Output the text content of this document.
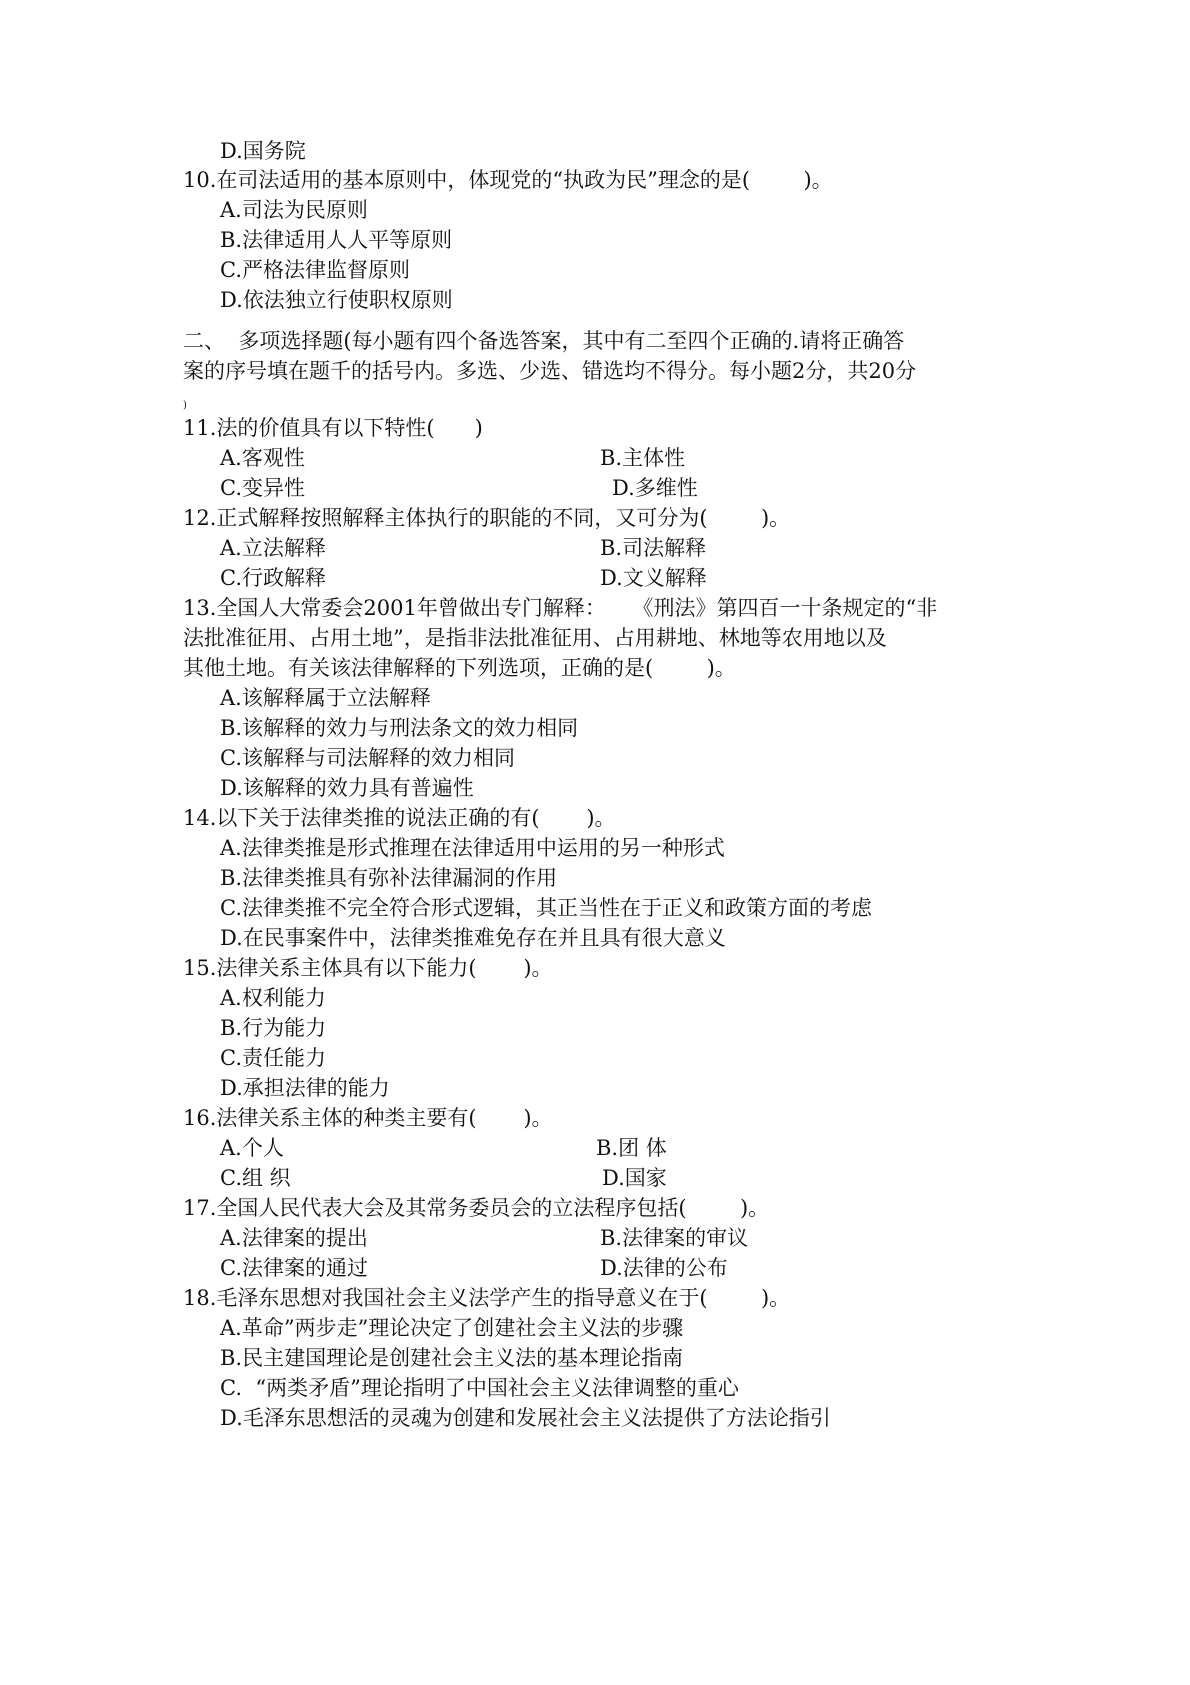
D.国务院
10.在司法适用的基本原则中，体现党的“执政为民”理念的是(        )。
A.司法为民原则
B.法律适用人人平等原则
C.严格法律监督原则
D.依法独立行使职权原则
二、  多项选择题(每小题有四个备选答案，其中有二至四个正确的.请将正确答
案的序号填在题千的括号内。多选、少选、错选均不得分。每小题2分，共20分
)
11.法的价值具有以下特性(      )
A.客观性	B.主体性
C.变异性	D.多维性
12.正式解释按照解释主体执行的职能的不同，又可分为(        )。
A.立法解释	B.司法解释
C.行政解释	D.文义解释
13.全国人大常委会2001年曾做出专门解释：    《刑法》第四百一十条规定的“非
法批准征用、占用土地”，是指非法批准征用、占用耕地、林地等农用地以及
其他土地。有关该法律解释的下列选项，正确的是(        )。
A.该解释属于立法解释
B.该解释的效力与刑法条文的效力相同
C.该解释与司法解释的效力相同
D.该解释的效力具有普遍性
14.以下关于法律类推的说法正确的有(       )。
A.法律类推是形式推理在法律适用中运用的另一种形式
B.法律类推具有弥补法律漏洞的作用
C.法律类推不完全符合形式逻辑，其正当性在于正义和政策方面的考虑
D.在民事案件中，法律类推难免存在并且具有很大意义
15.法律关系主体具有以下能力(       )。
A.权利能力
B.行为能力
C.责任能力
D.承担法律的能力
16.法律关系主体的种类主要有(       )。
A.个人	B.团 体
C.组 织	D.国家
17.全国人民代表大会及其常务委员会的立法程序包括(        )。
A.法律案的提出	B.法律案的审议
C.法律案的通过	D.法律的公布
18.毛泽东思想对我国社会主义法学产生的指导意义在于(        )。
A.革命”两步走”理论决定了创建社会主义法的步骤
B.民主建国理论是创建社会主义法的基本理论指南
C.  “两类矛盾”理论指明了中国社会主义法律调整的重心
D.毛泽东思想活的灵魂为创建和发展社会主义法提供了方法论指引
